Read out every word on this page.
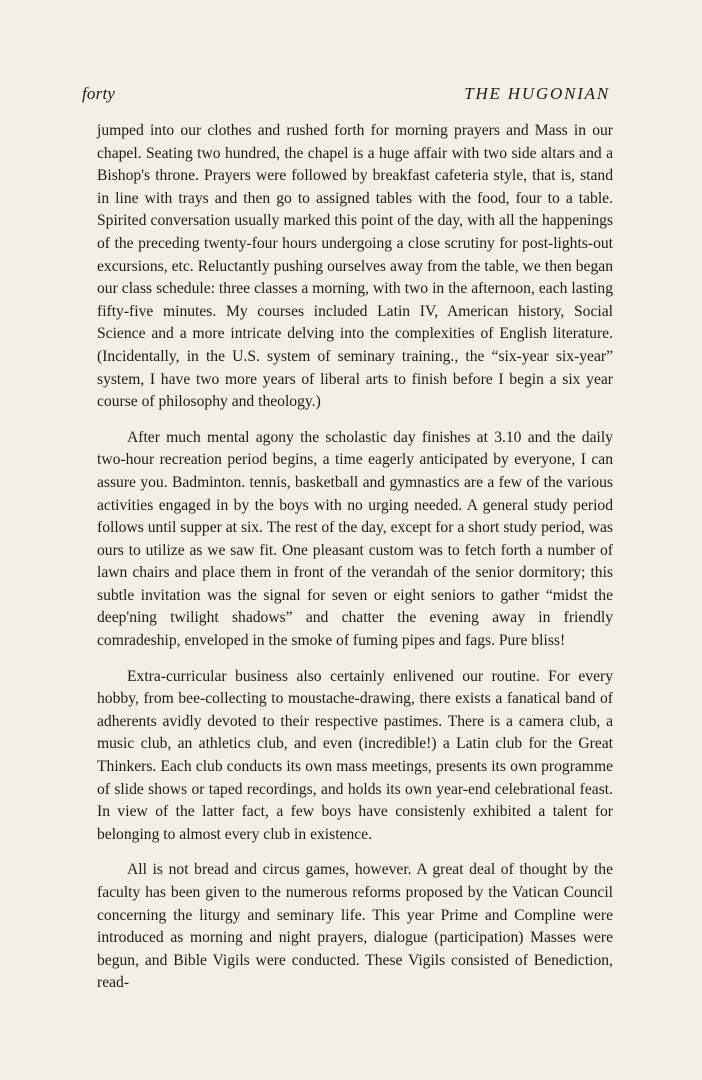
forty	THE HUGONIAN

jumped into our clothes and rushed forth for morning prayers and Mass in our chapel. Seating two hundred, the chapel is a huge affair with two side altars and a Bishop's throne. Prayers were followed by breakfast cafeteria style, that is, stand in line with trays and then go to assigned tables with the food, four to a table. Spirited conversation usually marked this point of the day, with all the happenings of the preceding twenty-four hours undergoing a close scrutiny for post-lights-out excursions, etc. Reluctantly pushing ourselves away from the table, we then began our class schedule: three classes a morning, with two in the afternoon, each lasting fifty-five minutes. My courses included Latin IV, American history, Social Science and a more intricate delving into the complexities of English literature. (Incidentally, in the U.S. system of seminary training., the “six-year six-year” system, I have two more years of liberal arts to finish before I begin a six year course of philosophy and theology.)

After much mental agony the scholastic day finishes at 3.10 and the daily two-hour recreation period begins, a time eagerly anticipated by everyone, I can assure you. Badminton. tennis, basketball and gymnastics are a few of the various activities engaged in by the boys with no urging needed. A general study period follows until supper at six. The rest of the day, except for a short study period, was ours to utilize as we saw fit. One pleasant custom was to fetch forth a number of lawn chairs and place them in front of the verandah of the senior dormitory; this subtle invitation was the signal for seven or eight seniors to gather “midst the deep'ning twilight shadows” and chatter the evening away in friendly comradeship, enveloped in the smoke of fuming pipes and fags. Pure bliss!

Extra-curricular business also certainly enlivened our routine. For every hobby, from bee-collecting to moustache-drawing, there exists a fanatical band of adherents avidly devoted to their respective pastimes. There is a camera club, a music club, an athletics club, and even (incredible!) a Latin club for the Great Thinkers. Each club conducts its own mass meetings, presents its own programme of slide shows or taped recordings, and holds its own year-end celebrational feast. In view of the latter fact, a few boys have consistenly exhibited a talent for belonging to almost every club in existence.

All is not bread and circus games, however. A great deal of thought by the faculty has been given to the numerous reforms proposed by the Vatican Council concerning the liturgy and seminary life. This year Prime and Compline were introduced as morning and night prayers, dialogue (participation) Masses were begun, and Bible Vigils were conducted. These Vigils consisted of Benediction, read-
